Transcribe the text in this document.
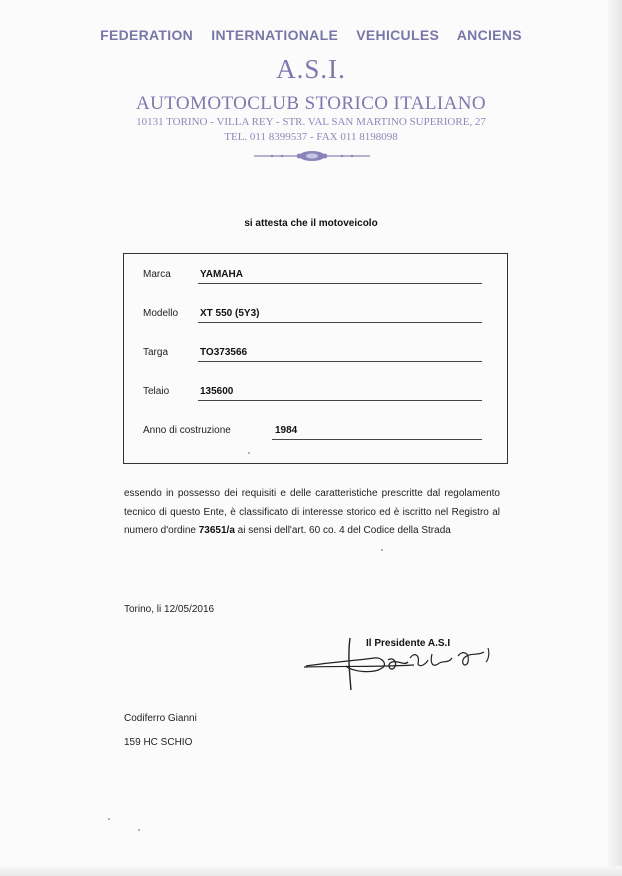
FEDERATION INTERNATIONALE VEHICULES ANCIENS
A.S.I.
AUTOMOTOCLUB STORICO ITALIANO
10131 TORINO - VILLA REY - STR. VAL SAN MARTINO SUPERIORE, 27
TEL. 011 8399537 - FAX 011 8198098
si attesta che il motoveicolo
Marca	YAMAHA
Modello XT 550 (5Y3)
Targa	TO373566
Telaio	135600
Anno di costruzione	1984
essendo in possesso dei requisiti e delle caratteristiche prescritte dal regolamento tecnico di questo Ente, è classificato di interesse storico ed è iscritto nel Registro al numero d'ordine 73651/a ai sensi dell'art. 60 co. 4 del Codice della Strada
Torino, li 12/05/2016
Il Presidente A.S.I
Codiferro Gianni
159 HC SCHIO
